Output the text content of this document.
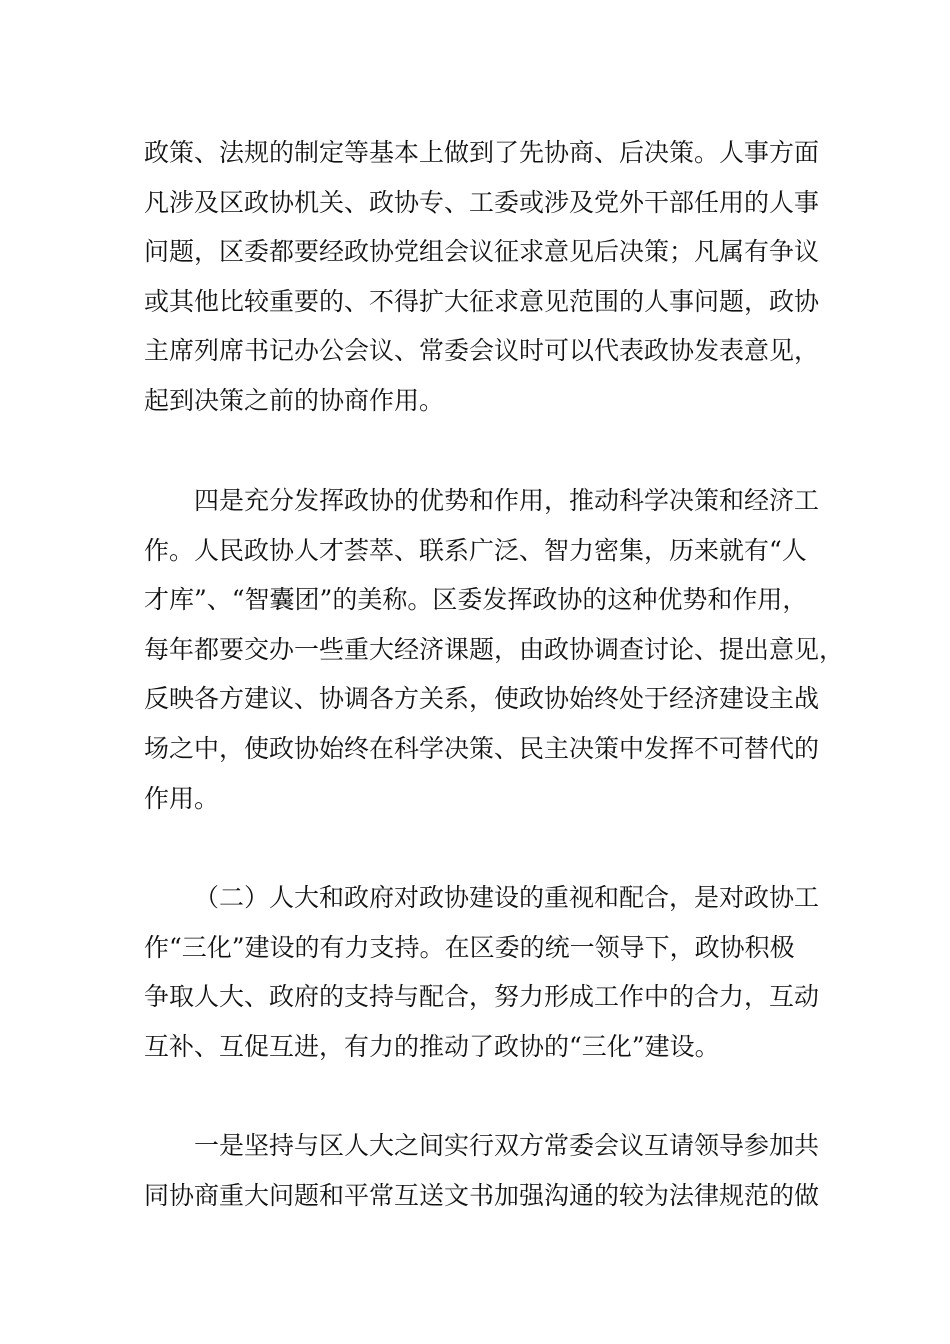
政策、法规的制定等基本上做到了先协商、后决策。人事方面
凡涉及区政协机关、政协专、工委或涉及党外干部任用的人事
问题，区委都要经政协党组会议征求意见后决策；凡属有争议
或其他比较重要的、不得扩大征求意见范围的人事问题，政协
主席列席书记办公会议、常委会议时可以代表政协发表意见，
起到决策之前的协商作用。
四是充分发挥政协的优势和作用，推动科学决策和经济工
作。人民政协人才荟萃、联系广泛、智力密集，历来就有“人
才库”、“智囊团”的美称。区委发挥政协的这种优势和作用，
每年都要交办一些重大经济课题，由政协调查讨论、提出意见，
反映各方建议、协调各方关系，使政协始终处于经济建设主战
场之中，使政协始终在科学决策、民主决策中发挥不可替代的
作用。
（二）人大和政府对政协建设的重视和配合，是对政协工
作“三化”建设的有力支持。在区委的统一领导下，政协积极
争取人大、政府的支持与配合，努力形成工作中的合力，互动
互补、互促互进，有力的推动了政协的“三化”建设。
一是坚持与区人大之间实行双方常委会议互请领导参加共
同协商重大问题和平常互送文书加强沟通的较为法律规范的做
